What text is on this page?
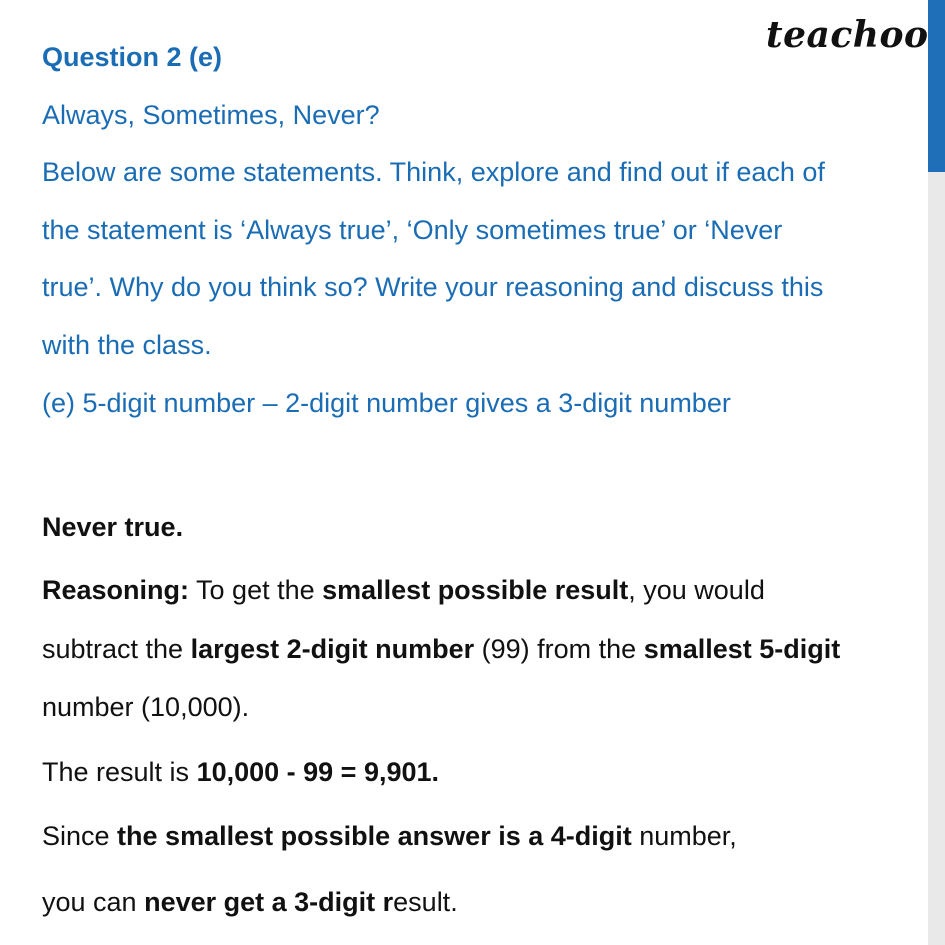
teachoo
Question 2 (e)
Always, Sometimes, Never?
Below are some statements. Think, explore and find out if each of
the statement is ‘Always true’, ‘Only sometimes true’ or ‘Never
true’. Why do you think so? Write your reasoning and discuss this
with the class.
(e) 5-digit number – 2-digit number gives a 3-digit number
Never true.
Reasoning: To get the smallest possible result, you would
subtract the largest 2-digit number (99) from the smallest 5-digit
number (10,000).
The result is 10,000 - 99 = 9,901.
Since the smallest possible answer is a 4-digit number,
you can never get a 3-digit result.
